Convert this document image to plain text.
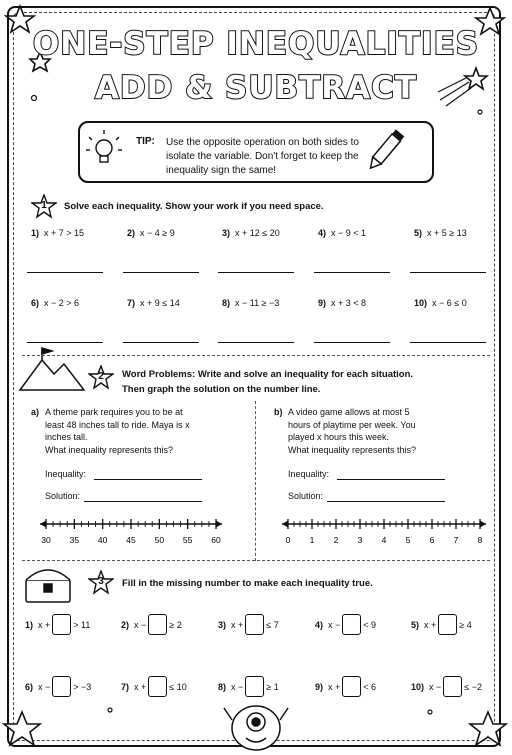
ONE-STEP INEQUALITIES
ADD & SUBTRACT
TIP: Use the opposite operation on both sides to isolate the variable. Don't forget to keep the inequality sign the same!
1	Solve each inequality. Show your work if you need space.
1) x + 7 > 15	2) x − 4 ≥ 9	3) x + 12 ≤ 20	4) x − 9 < 1	5) x + 5 ≥ 13
6) x − 2 > 6	7) x + 9 ≤ 14	8) x − 11 ≥ −3	9) x + 3 < 8	10) x − 6 ≤ 0
2	Word Problems: Write and solve an inequality for each situation.
Then graph the solution on the number line.
a) A theme park requires you to be at
least 48 inches tall to ride. Maya is x
inches tall.
What inequality represents this?
Inequality:
Solution:
b) A video game allows at most 5
hours of playtime per week. You
played x hours this week.
What inequality represents this?
Inequality:
Solution:
30 35 40 45 50 55 60	0 1 2 3 4 5 6 7 8
3	Fill in the missing number to make each inequality true.
1) x +	> 11	2) x −	≥ 2	3) x +	≤ 7	4) x −	< 9	5) x +	≥ 4
6) x −	> −3	7) x +	≤ 10	8) x −	≥ 1	9) x +	< 6	10) x −	≤ −2
